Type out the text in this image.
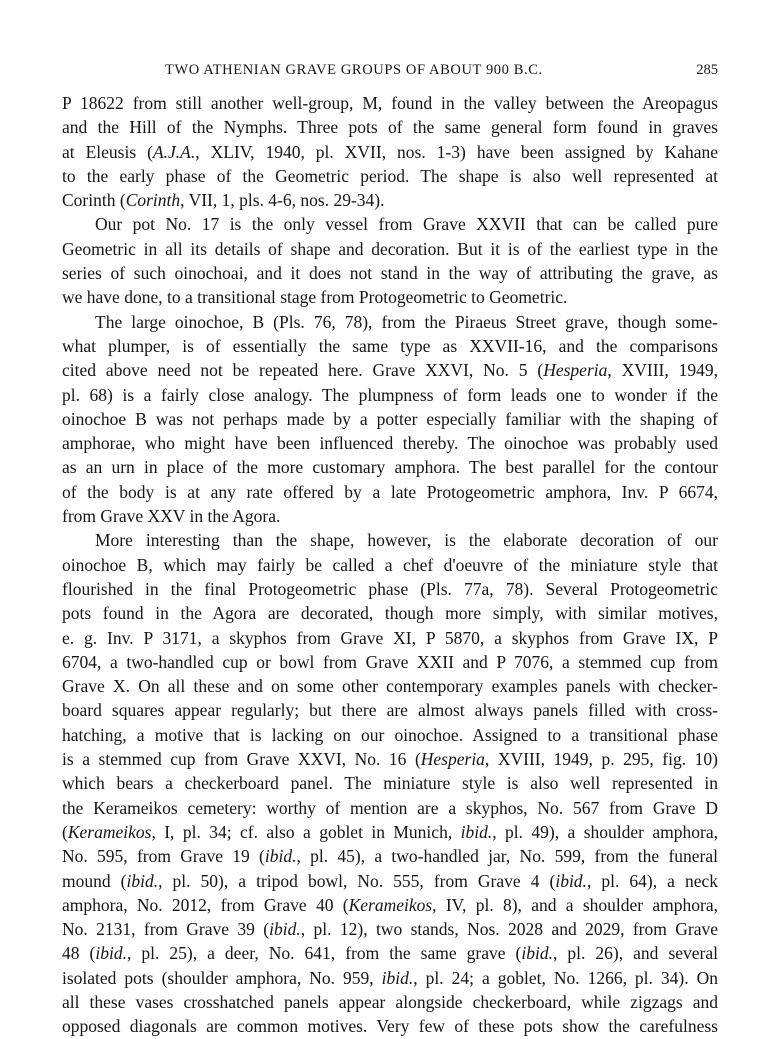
TWO ATHENIAN GRAVE GROUPS OF ABOUT 900 B.C.	285
P 18622 from still another well-group, M, found in the valley between the Areopagus
and the Hill of the Nymphs. Three pots of the same general form found in graves
at Eleusis (A.J.A., XLIV, 1940, pl. XVII, nos. 1-3) have been assigned by Kahane
to the early phase of the Geometric period. The shape is also well represented at
Corinth (Corinth, VII, 1, pls. 4-6, nos. 29-34).
Our pot No. 17 is the only vessel from Grave XXVII that can be called pure
Geometric in all its details of shape and decoration. But it is of the earliest type in the
series of such oinochoai, and it does not stand in the way of attributing the grave, as
we have done, to a transitional stage from Protogeometric to Geometric.
The large oinochoe, B (Pls. 76, 78), from the Piraeus Street grave, though some-
what plumper, is of essentially the same type as XXVII-16, and the comparisons
cited above need not be repeated here. Grave XXVI, No. 5 (Hesperia, XVIII, 1949,
pl. 68) is a fairly close analogy. The plumpness of form leads one to wonder if the
oinochoe B was not perhaps made by a potter especially familiar with the shaping of
amphorae, who might have been influenced thereby. The oinochoe was probably used
as an urn in place of the more customary amphora. The best parallel for the contour
of the body is at any rate offered by a late Protogeometric amphora, Inv. P 6674,
from Grave XXV in the Agora.
More interesting than the shape, however, is the elaborate decoration of our
oinochoe B, which may fairly be called a chef d'oeuvre of the miniature style that
flourished in the final Protogeometric phase (Pls. 77a, 78). Several Protogeometric
pots found in the Agora are decorated, though more simply, with similar motives,
e. g. Inv. P 3171, a skyphos from Grave XI, P 5870, a skyphos from Grave IX, P
6704, a two-handled cup or bowl from Grave XXII and P 7076, a stemmed cup from
Grave X. On all these and on some other contemporary examples panels with checker-
board squares appear regularly; but there are almost always panels filled with cross-
hatching, a motive that is lacking on our oinochoe. Assigned to a transitional phase
is a stemmed cup from Grave XXVI, No. 16 (Hesperia, XVIII, 1949, p. 295, fig. 10)
which bears a checkerboard panel. The miniature style is also well represented in
the Kerameikos cemetery: worthy of mention are a skyphos, No. 567 from Grave D
(Kerameikos, I, pl. 34; cf. also a goblet in Munich, ibid., pl. 49), a shoulder amphora,
No. 595, from Grave 19 (ibid., pl. 45), a two-handled jar, No. 599, from the funeral
mound (ibid., pl. 50), a tripod bowl, No. 555, from Grave 4 (ibid., pl. 64), a neck
amphora, No. 2012, from Grave 40 (Kerameikos, IV, pl. 8), and a shoulder amphora,
No. 2131, from Grave 39 (ibid., pl. 12), two stands, Nos. 2028 and 2029, from Grave
48 (ibid., pl. 25), a deer, No. 641, from the same grave (ibid., pl. 26), and several
isolated pots (shoulder amphora, No. 959, ibid., pl. 24; a goblet, No. 1266, pl. 34). On
all these vases crosshatched panels appear alongside checkerboard, while zigzags and
opposed diagonals are common motives. Very few of these pots show the carefulness
